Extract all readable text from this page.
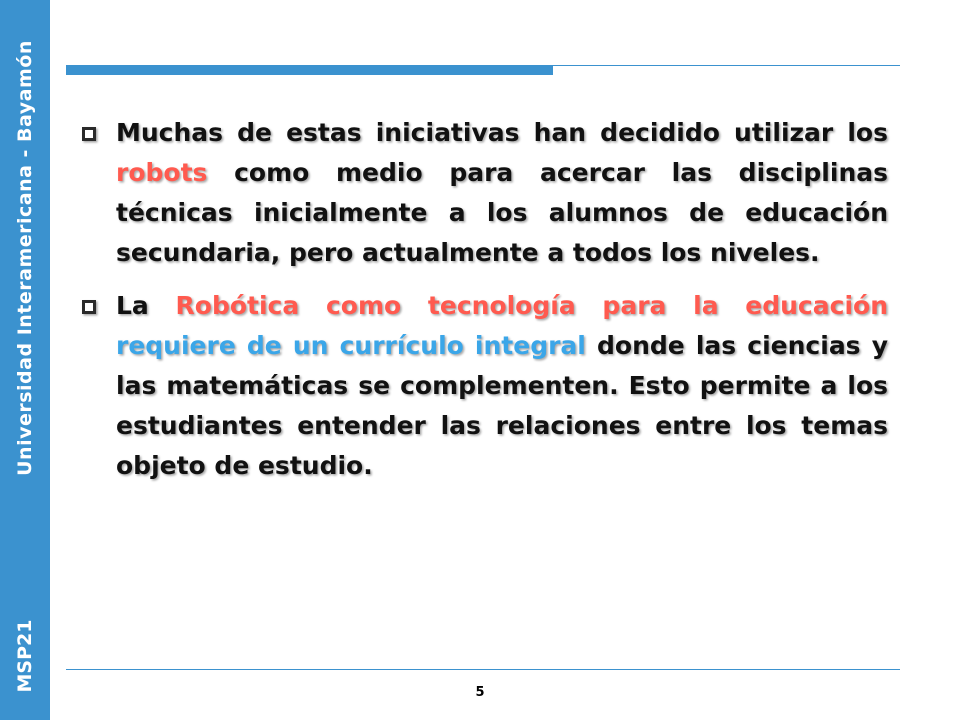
Universidad Interamericana - Bayamón
MSP21
Muchas de estas iniciativas han decidido utilizar los robots como medio para acercar las disciplinas técnicas inicialmente a los alumnos de educación secundaria, pero actualmente a todos los niveles.
La Robótica como tecnología para la educación requiere de un currículo integral donde las ciencias y las matemáticas se complementen. Esto permite a los estudiantes entender las relaciones entre los temas objeto de estudio.
5
